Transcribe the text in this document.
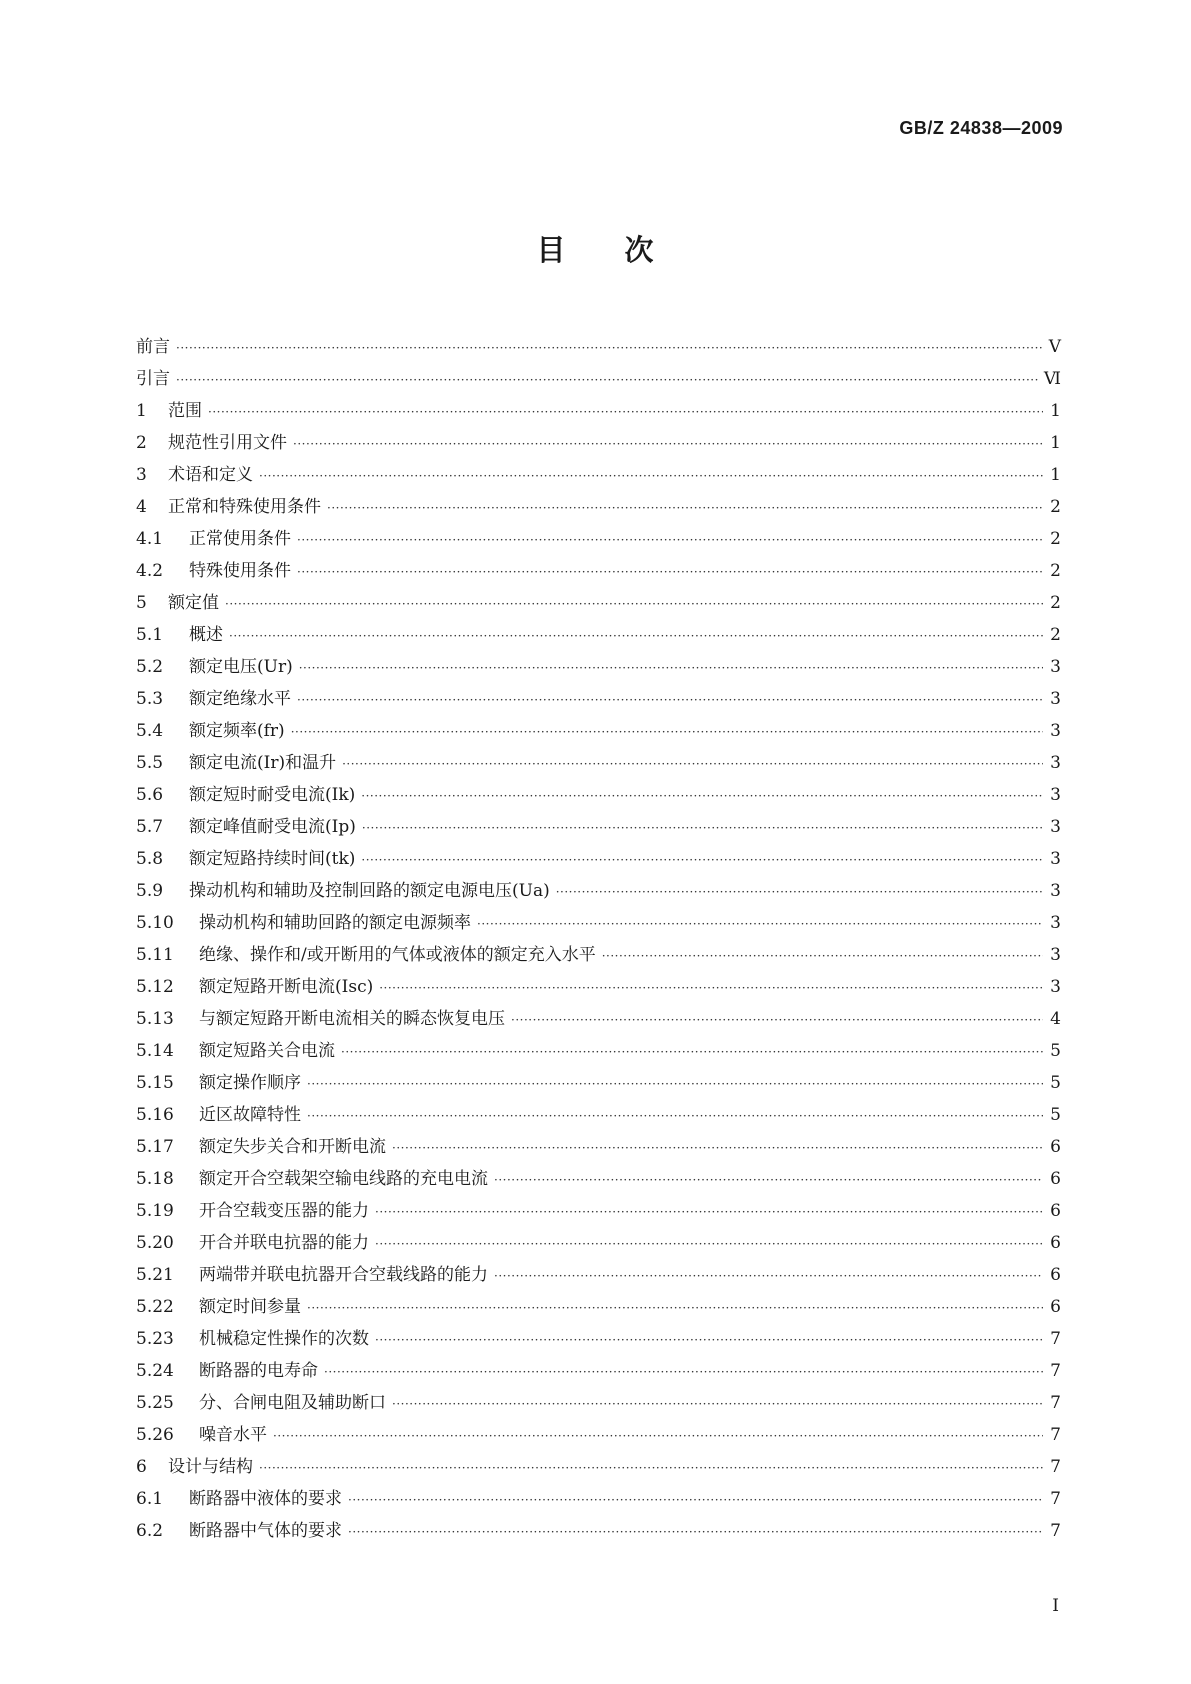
GB/Z 24838—2009
目 次
前言 ·····	Ⅴ
引言 ·····	Ⅵ
1	范围 ·····	1
2	规范性引用文件 ·····	1
3	术语和定义 ·····	1
4	正常和特殊使用条件 ·····	2
4.1	正常使用条件 ·····	2
4.2	特殊使用条件 ·····	2
5	额定值 ·····	2
5.1	概述 ·····	2
5.2	额定电压(Ur) ·····	3
5.3	额定绝缘水平 ·····	3
5.4	额定频率(fr) ·····	3
5.5	额定电流(Ir)和温升 ·····	3
5.6	额定短时耐受电流(Ik) ·····	3
5.7	额定峰值耐受电流(Ip) ·····	3
5.8	额定短路持续时间(tk) ·····	3
5.9	操动机构和辅助及控制回路的额定电源电压(Ua) ·····	3
5.10	操动机构和辅助回路的额定电源频率 ·····	3
5.11	绝缘、操作和/或开断用的气体或液体的额定充入水平 ·····	3
5.12	额定短路开断电流(Isc) ·····	3
5.13	与额定短路开断电流相关的瞬态恢复电压 ·····	4
5.14	额定短路关合电流 ·····	5
5.15	额定操作顺序 ·····	5
5.16	近区故障特性 ·····	5
5.17	额定失步关合和开断电流 ·····	6
5.18	额定开合空载架空输电线路的充电电流 ·····	6
5.19	开合空载变压器的能力 ·····	6
5.20	开合并联电抗器的能力 ·····	6
5.21	两端带并联电抗器开合空载线路的能力 ·····	6
5.22	额定时间参量 ·····	6
5.23	机械稳定性操作的次数 ·····	7
5.24	断路器的电寿命 ·····	7
5.25	分、合闸电阻及辅助断口 ·····	7
5.26	噪音水平 ·····	7
6	设计与结构 ·····	7
6.1	断路器中液体的要求 ·····	7
6.2	断路器中气体的要求 ·····	7
I
